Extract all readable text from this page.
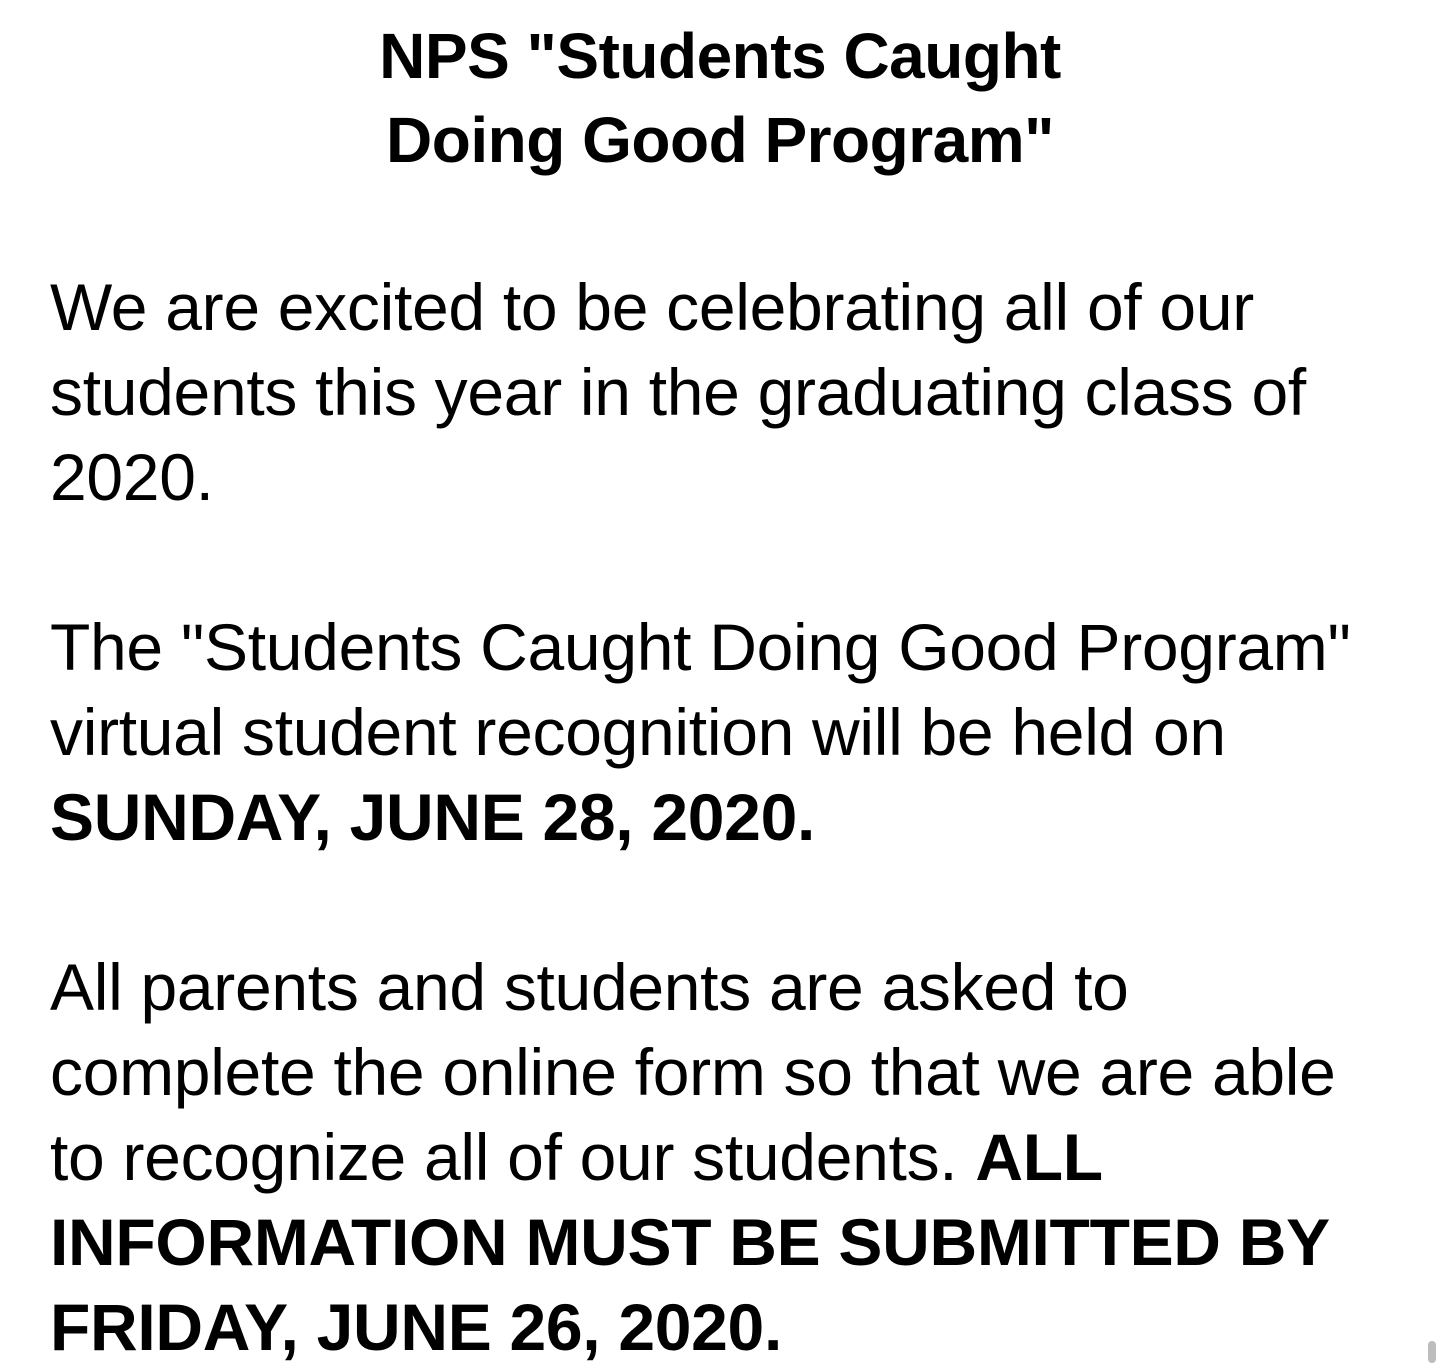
NPS "Students Caught
Doing Good Program"

We are excited to be celebrating all of our students this year in the graduating class of 2020.

The "Students Caught Doing Good Program" virtual student recognition will be held on SUNDAY, JUNE 28, 2020.

All parents and students are asked to complete the online form so that we are able to recognize all of our students. ALL INFORMATION MUST BE SUBMITTED BY FRIDAY, JUNE 26, 2020.
